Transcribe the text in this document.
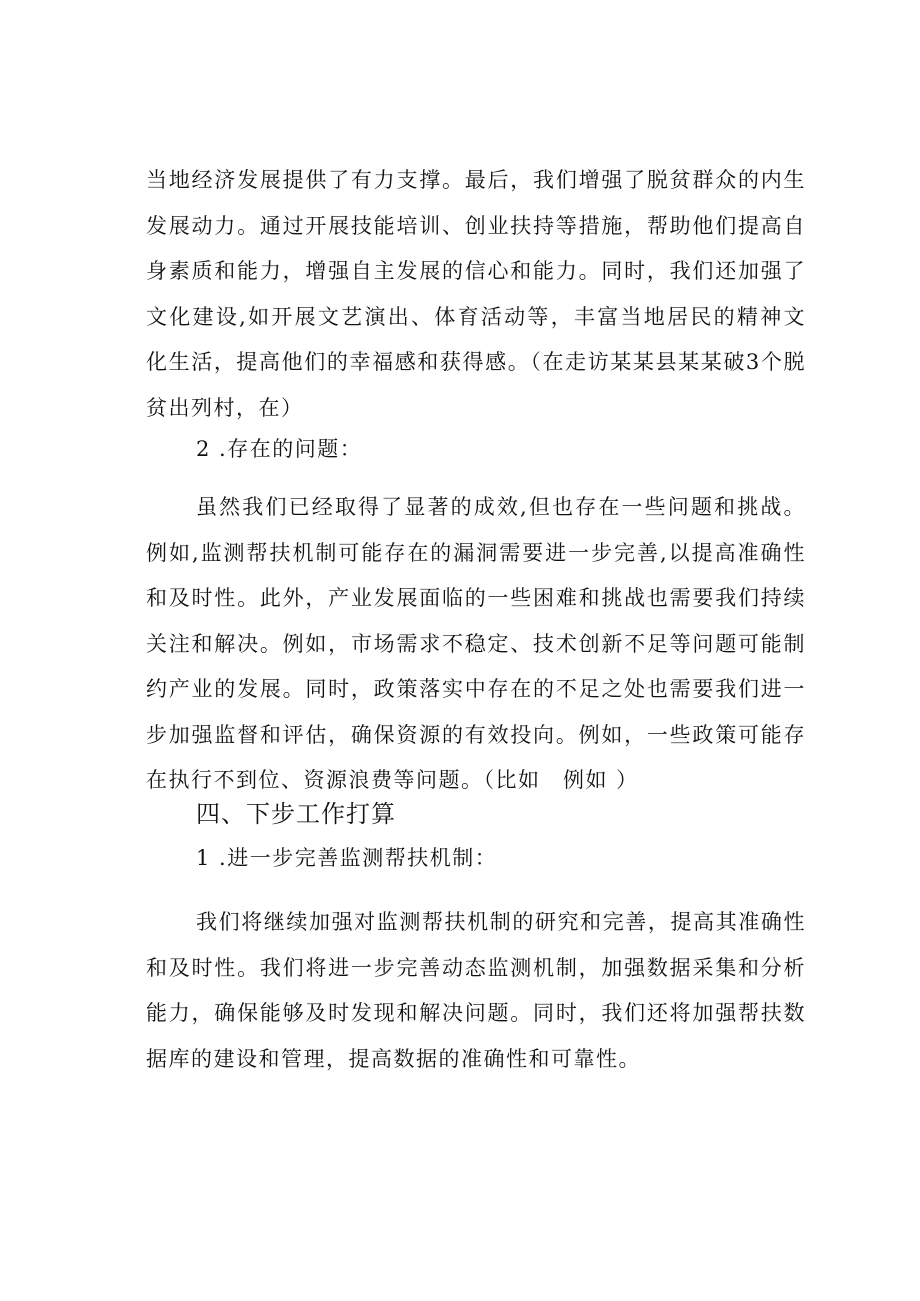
当地经济发展提供了有力支撑。最后，我们增强了脱贫群众的内生发展动力。通过开展技能培训、创业扶持等措施，帮助他们提高自身素质和能力，增强自主发展的信心和能力。同时，我们还加强了文化建设,如开展文艺演出、体育活动等，丰富当地居民的精神文化生活，提高他们的幸福感和获得感。（在走访某某县某某破3个脱贫出列村，在）

2 .存在的问题：

虽然我们已经取得了显著的成效,但也存在一些问题和挑战。例如,监测帮扶机制可能存在的漏洞需要进一步完善,以提高准确性和及时性。此外，产业发展面临的一些困难和挑战也需要我们持续关注和解决。例如，市场需求不稳定、技术创新不足等问题可能制约产业的发展。同时，政策落实中存在的不足之处也需要我们进一步加强监督和评估，确保资源的有效投向。例如，一些政策可能存在执行不到位、资源浪费等问题。（比如　例如 ）

四、下步工作打算

1 .进一步完善监测帮扶机制：

我们将继续加强对监测帮扶机制的研究和完善，提高其准确性和及时性。我们将进一步完善动态监测机制，加强数据采集和分析能力，确保能够及时发现和解决问题。同时，我们还将加强帮扶数据库的建设和管理，提高数据的准确性和可靠性。
